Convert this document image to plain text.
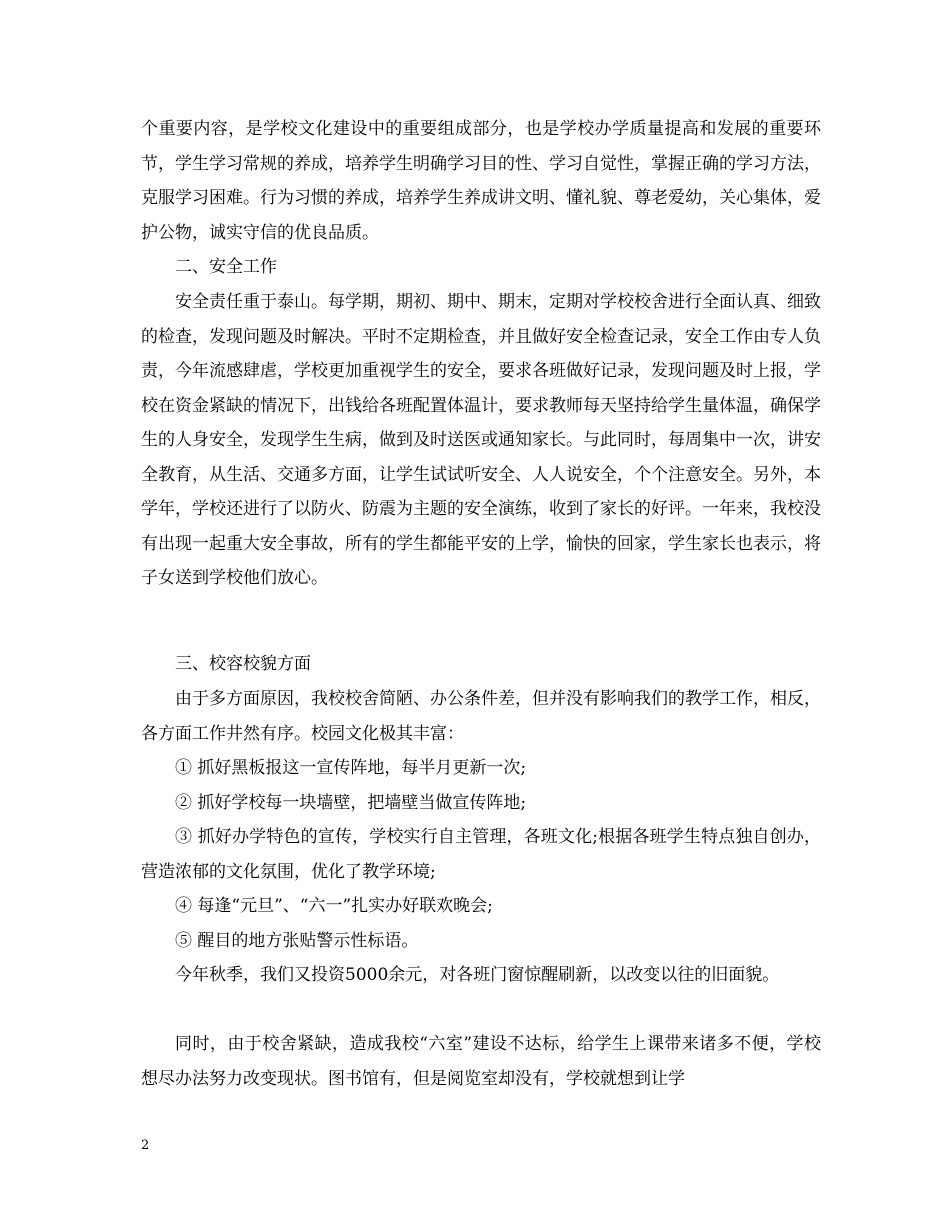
个重要内容，是学校文化建设中的重要组成部分，也是学校办学质量提高和发展的重要环节，学生学习常规的养成，培养学生明确学习目的性、学习自觉性，掌握正确的学习方法，克服学习困难。行为习惯的养成，培养学生养成讲文明、懂礼貌、尊老爱幼，关心集体，爱护公物，诚实守信的优良品质。

二、安全工作

安全责任重于泰山。每学期，期初、期中、期末，定期对学校校舍进行全面认真、细致的检查，发现问题及时解决。平时不定期检查，并且做好安全检查记录，安全工作由专人负责，今年流感肆虐，学校更加重视学生的安全，要求各班做好记录，发现问题及时上报，学校在资金紧缺的情况下，出钱给各班配置体温计，要求教师每天坚持给学生量体温，确保学生的人身安全，发现学生生病，做到及时送医或通知家长。与此同时，每周集中一次，讲安全教育，从生活、交通多方面，让学生试试听安全、人人说安全，个个注意安全。另外，本学年，学校还进行了以防火、防震为主题的安全演练，收到了家长的好评。一年来，我校没有出现一起重大安全事故，所有的学生都能平安的上学，愉快的回家，学生家长也表示，将子女送到学校他们放心。

三、校容校貌方面

由于多方面原因，我校校舍简陋、办公条件差，但并没有影响我们的教学工作，相反，各方面工作井然有序。校园文化极其丰富：

① 抓好黑板报这一宣传阵地，每半月更新一次;

② 抓好学校每一块墙壁，把墙壁当做宣传阵地;

③ 抓好办学特色的宣传，学校实行自主管理，各班文化;根据各班学生特点独自创办，营造浓郁的文化氛围，优化了教学环境;

④ 每逢“元旦”、“六一”扎实办好联欢晚会;

⑤ 醒目的地方张贴警示性标语。

今年秋季，我们又投资5000余元，对各班门窗惊醒刷新，以改变以往的旧面貌。

同时，由于校舍紧缺，造成我校“六室”建设不达标，给学生上课带来诸多不便，学校想尽办法努力改变现状。图书馆有，但是阅览室却没有，学校就想到让学

2
